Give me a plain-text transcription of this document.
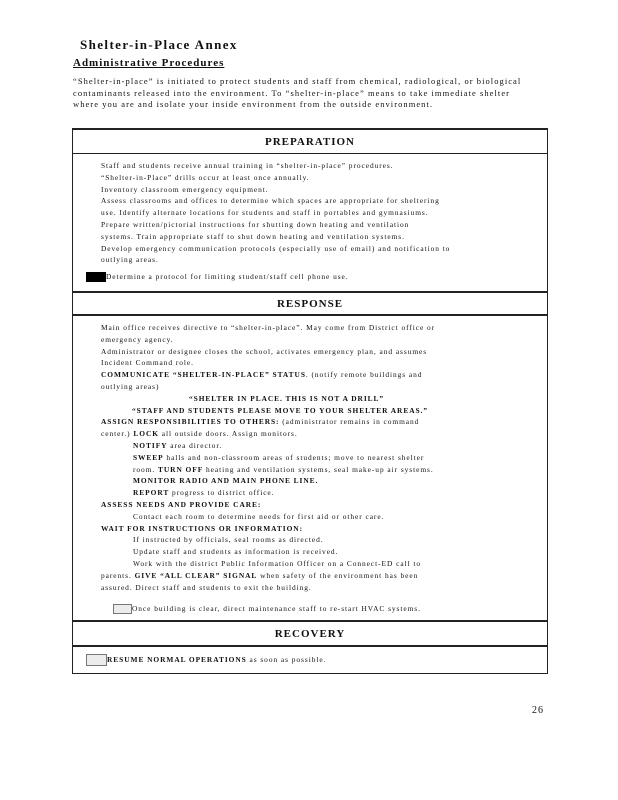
Shelter-in-Place Annex
Administrative Procedures
“Shelter-in-place” is initiated to protect students and staff from chemical, radiological, or biological contaminants released into the environment. To “shelter-in-place” means to take immediate shelter where you are and isolate your inside environment from the outside environment.
PREPARATION
Staff and students receive annual training in “shelter-in-place” procedures.
“Shelter-in-Place” drills occur at least once annually.
Inventory classroom emergency equipment.
Assess classrooms and offices to determine which spaces are appropriate for sheltering
use. Identify alternate locations for students and staff in portables and gymnasiums.
Prepare written/pictorial instructions for shutting down heating and ventilation
systems. Train appropriate staff to shut down heating and ventilation systems.
Develop emergency communication protocols (especially use of email) and notification to
outlying areas.
Determine a protocol for limiting student/staff cell phone use.
RESPONSE
Main office receives directive to “shelter-in-place”. May come from District office or
emergency agency.
Administrator or designee closes the school, activates emergency plan, and assumes
Incident Command role.
COMMUNICATE “SHELTER-IN-PLACE” STATUS. (notify remote buildings and
outlying areas)
“SHELTER IN PLACE. THIS IS NOT A DRILL”
“STAFF AND STUDENTS PLEASE MOVE TO YOUR SHELTER AREAS.”
ASSIGN RESPONSIBILITIES TO OTHERS: (administrator remains in command
center.) LOCK all outside doors. Assign monitors.
NOTIFY area director.
SWEEP halls and non-classroom areas of students; move to nearest shelter
room. TURN OFF heating and ventilation systems, seal make-up air systems.
MONITOR RADIO AND MAIN PHONE LINE.
REPORT progress to district office.
ASSESS NEEDS AND PROVIDE CARE:
Contact each room to determine needs for first aid or other care.
WAIT FOR INSTRUCTIONS OR INFORMATION:
If instructed by officials, seal rooms as directed.
Update staff and students as information is received.
Work with the district Public Information Officer on a Connect-ED call to
parents. GIVE “ALL CLEAR” SIGNAL when safety of the environment has been
assured. Direct staff and students to exit the building.
Once building is clear, direct maintenance staff to re-start HVAC systems.
RECOVERY
RESUME NORMAL OPERATIONS as soon as possible.
26
